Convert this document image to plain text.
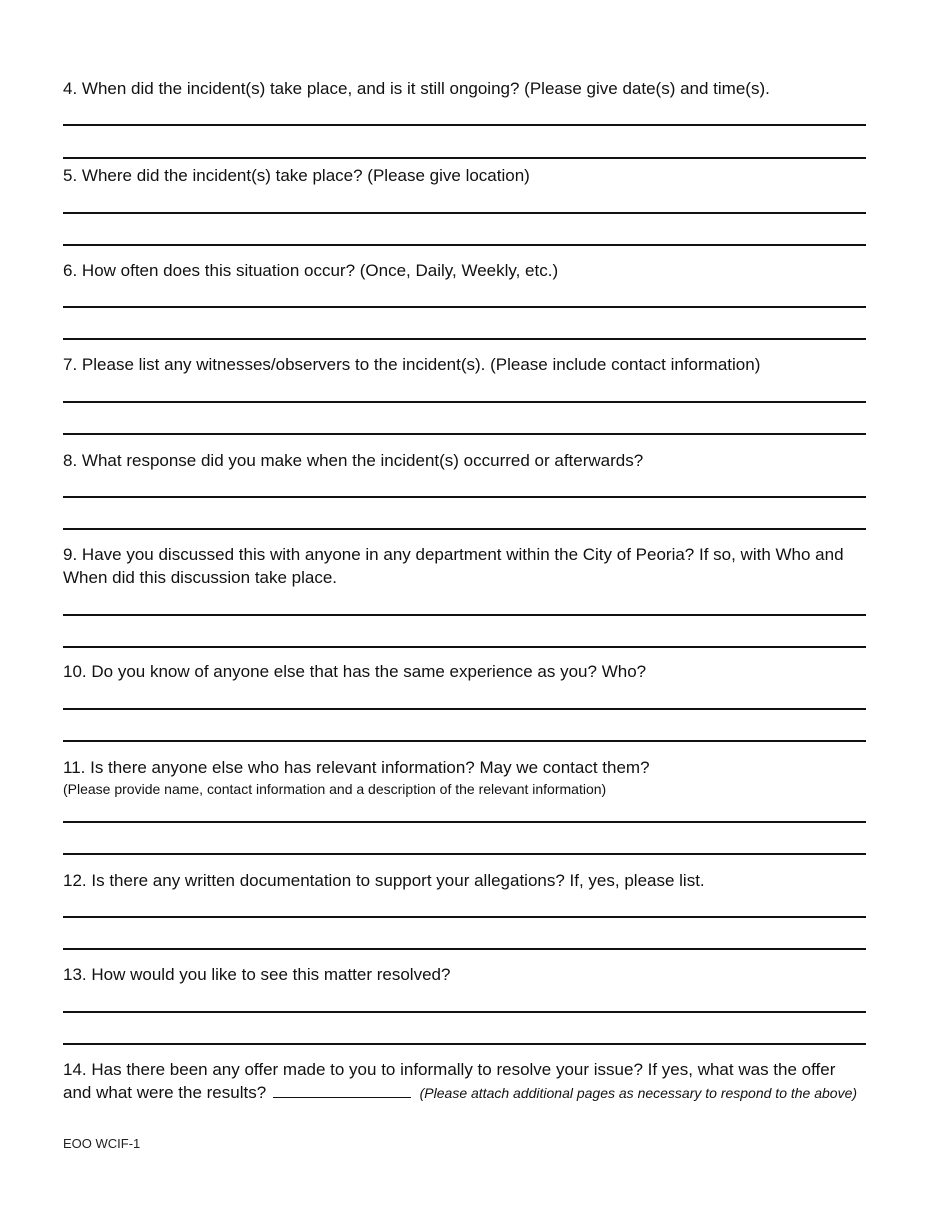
4. When did the incident(s) take place, and is it still ongoing? (Please give date(s) and time(s).
5. Where did the incident(s) take place? (Please give location)
6. How often does this situation occur? (Once, Daily, Weekly, etc.)
7. Please list any witnesses/observers to the incident(s). (Please include contact information)
8. What response did you make when the incident(s) occurred or afterwards?
9. Have you discussed this with anyone in any department within the City of Peoria? If so, with Who and When did this discussion take place.
10. Do you know of anyone else that has the same experience as you? Who?
11. Is there anyone else who has relevant information? May we contact them?
(Please provide name, contact information and a description of the relevant information)
12. Is there any written documentation to support your allegations? If, yes, please list.
13. How would you like to see this matter resolved?
14. Has there been any offer made to you to informally to resolve your issue? If yes, what was the offer and what were the results?	(Please attach additional pages as necessary to respond to the above)
EOO WCIF-1
